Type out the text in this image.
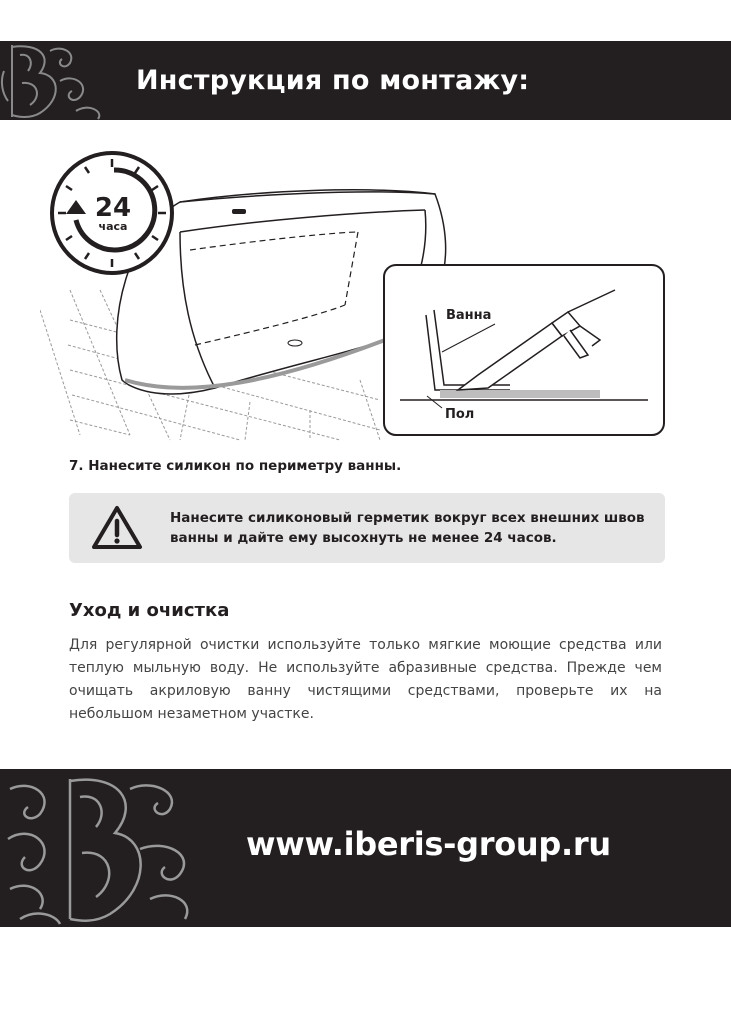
Инструкция по монтажу:
24
часа
Ванна
Пол
7. Нанесите силикон по периметру ванны.
Нанесите силиконовый герметик вокруг всех внешних швов ванны и дайте ему высохнуть не менее 24 часов.
Уход и очистка
Для регулярной очистки используйте только мягкие моющие средства или теплую мыльную воду. Не используйте абразивные средства. Прежде чем очищать акриловую ванну чистящими средствами, проверьте их на небольшом незаметном участке.
www.iberis-group.ru
